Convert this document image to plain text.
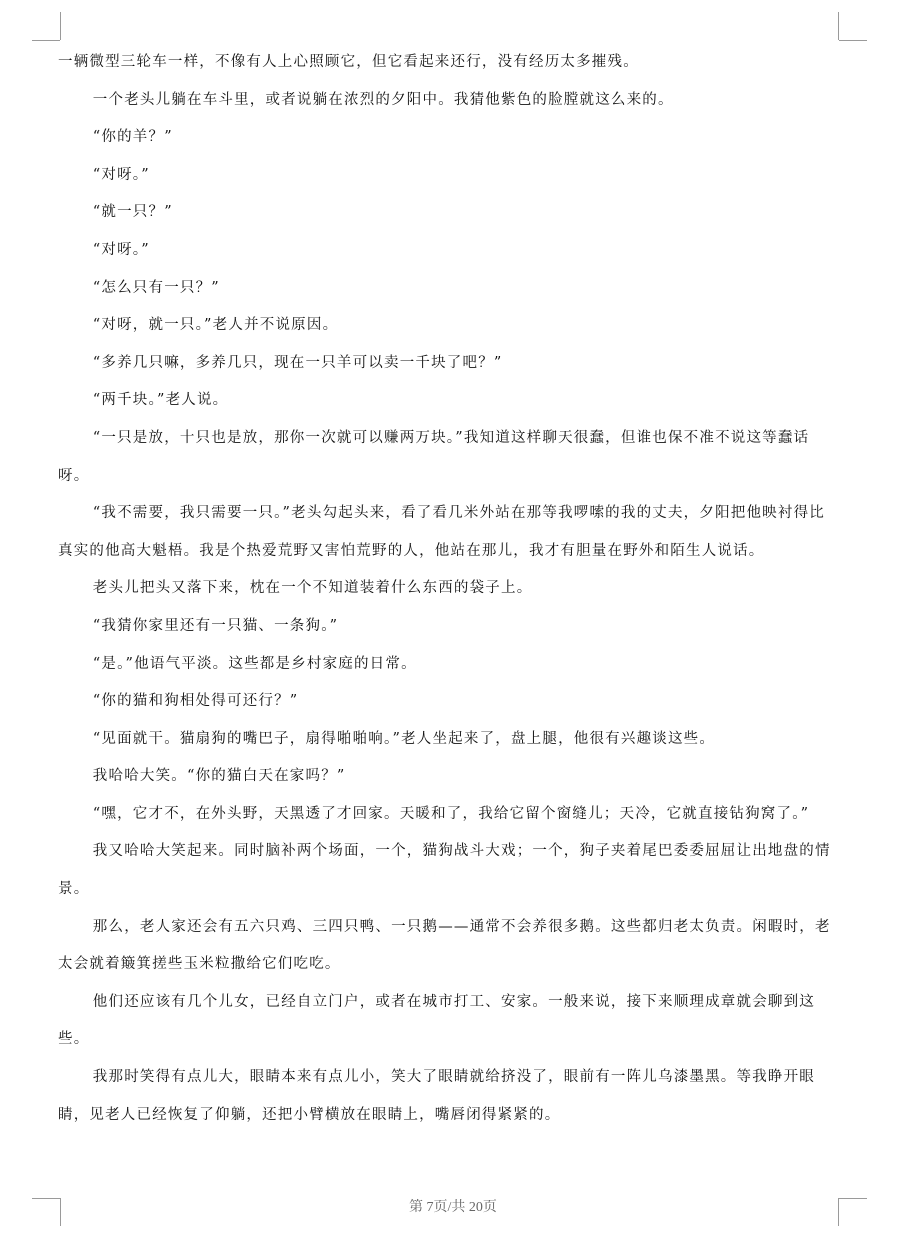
一辆微型三轮车一样，不像有人上心照顾它，但它看起来还行，没有经历太多摧残。

一个老头儿躺在车斗里，或者说躺在浓烈的夕阳中。我猜他紫色的脸膛就这么来的。

“你的羊？”

“对呀。”

“就一只？”

“对呀。”

“怎么只有一只？”

“对呀，就一只。”老人并不说原因。

“多养几只嘛，多养几只，现在一只羊可以卖一千块了吧？”

“两千块。”老人说。

“一只是放，十只也是放，那你一次就可以赚两万块。”我知道这样聊天很蠢，但谁也保不准不说这等蠢话呀。

“我不需要，我只需要一只。”老头勾起头来，看了看几米外站在那等我啰嗦的我的丈夫，夕阳把他映衬得比真实的他高大魁梧。我是个热爱荒野又害怕荒野的人，他站在那儿，我才有胆量在野外和陌生人说话。

老头儿把头又落下来，枕在一个不知道装着什么东西的袋子上。

“我猜你家里还有一只猫、一条狗。”

“是。”他语气平淡。这些都是乡村家庭的日常。

“你的猫和狗相处得可还行？”

“见面就干。猫扇狗的嘴巴子，扇得啪啪响。”老人坐起来了，盘上腿，他很有兴趣谈这些。

我哈哈大笑。“你的猫白天在家吗？”

“嘿，它才不，在外头野，天黑透了才回家。天暖和了，我给它留个窗缝儿；天冷，它就直接钻狗窝了。”

我又哈哈大笑起来。同时脑补两个场面，一个，猫狗战斗大戏；一个，狗子夹着尾巴委委屈屈让出地盘的情景。

那么，老人家还会有五六只鸡、三四只鸭、一只鹅——通常不会养很多鹅。这些都归老太负责。闲暇时，老太会就着簸箕搓些玉米粒撒给它们吃吃。

他们还应该有几个儿女，已经自立门户，或者在城市打工、安家。一般来说，接下来顺理成章就会聊到这些。

我那时笑得有点儿大，眼睛本来有点儿小，笑大了眼睛就给挤没了，眼前有一阵儿乌漆墨黑。等我睁开眼睛，见老人已经恢复了仰躺，还把小臂横放在眼睛上，嘴唇闭得紧紧的。

第 7页/共 20页
